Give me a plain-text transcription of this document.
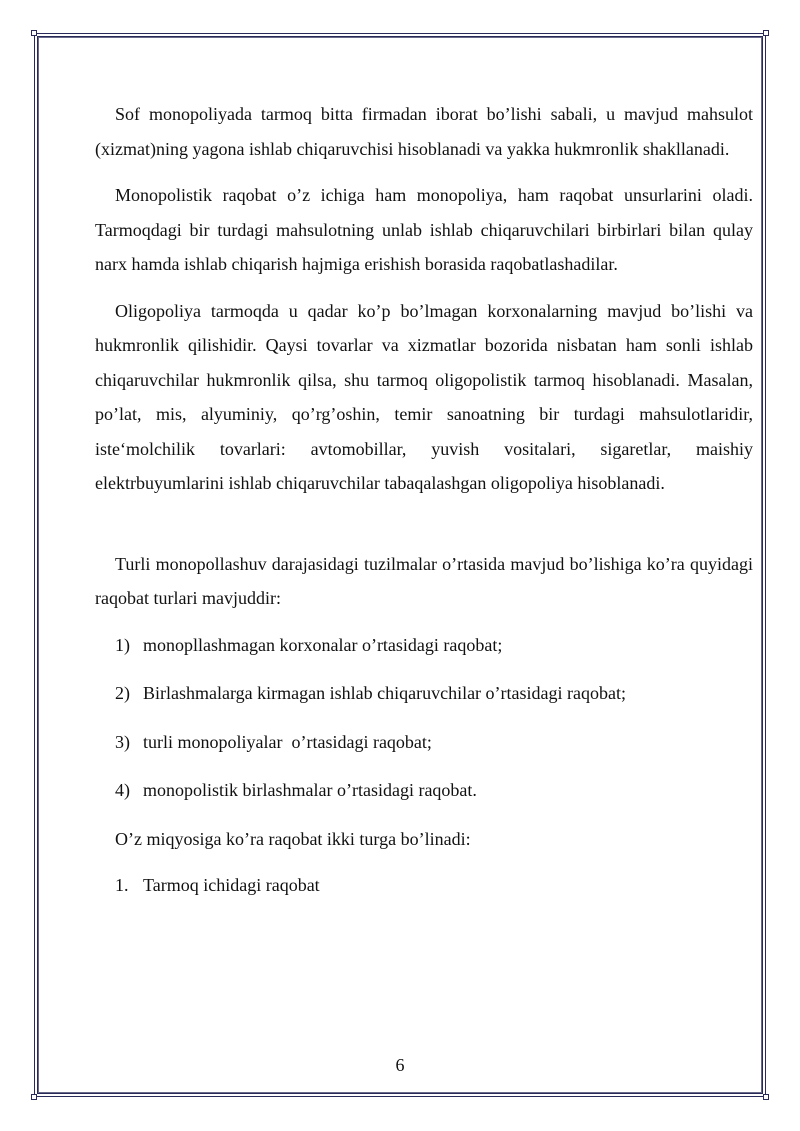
Sof monopoliyada tarmoq bitta firmadan iborat bo’lishi sabali, u mavjud mahsulot (xizmat)ning yagona ishlab chiqaruvchisi hisoblanadi va yakka hukmronlik shakllanadi.

Monopolistik raqobat o’z ichiga ham monopoliya, ham raqobat unsurlarini oladi. Tarmoqdagi bir turdagi mahsulotning unlab ishlab chiqaruvchilari birbirlari bilan qulay narx hamda ishlab chiqarish hajmiga erishish borasida raqobatlashadilar.

Oligopoliya tarmoqda u qadar ko’p bo’lmagan korxonalarning mavjud bo’lishi va hukmronlik qilishidir. Qaysi tovarlar va xizmatlar bozorida nisbatan ham sonli ishlab chiqaruvchilar hukmronlik qilsa, shu tarmoq oligopolistik tarmoq hisoblanadi. Masalan, po’lat, mis, alyuminiy, qo’rg’oshin, temir sanoatning bir turdagi mahsulotlaridir, iste‘molchilik tovarlari: avtomobillar, yuvish vositalari, sigaretlar, maishiy elektrbuyumlarini ishlab chiqaruvchilar tabaqalashgan oligopoliya hisoblanadi.

Turli monopollashuv darajasidagi tuzilmalar o’rtasida mavjud bo’lishiga ko’ra quyidagi raqobat turlari mavjuddir:

1) monopllashmagan korxonalar o’rtasidagi raqobat;
2) Birlashmalarga kirmagan ishlab chiqaruvchilar o’rtasidagi raqobat;
3) turli monopoliyalar  o’rtasidagi raqobat;
4) monopolistik birlashmalar o’rtasidagi raqobat.

O’z miqyosiga ko’ra raqobat ikki turga bo’linadi:

1. Tarmoq ichidagi raqobat
6
